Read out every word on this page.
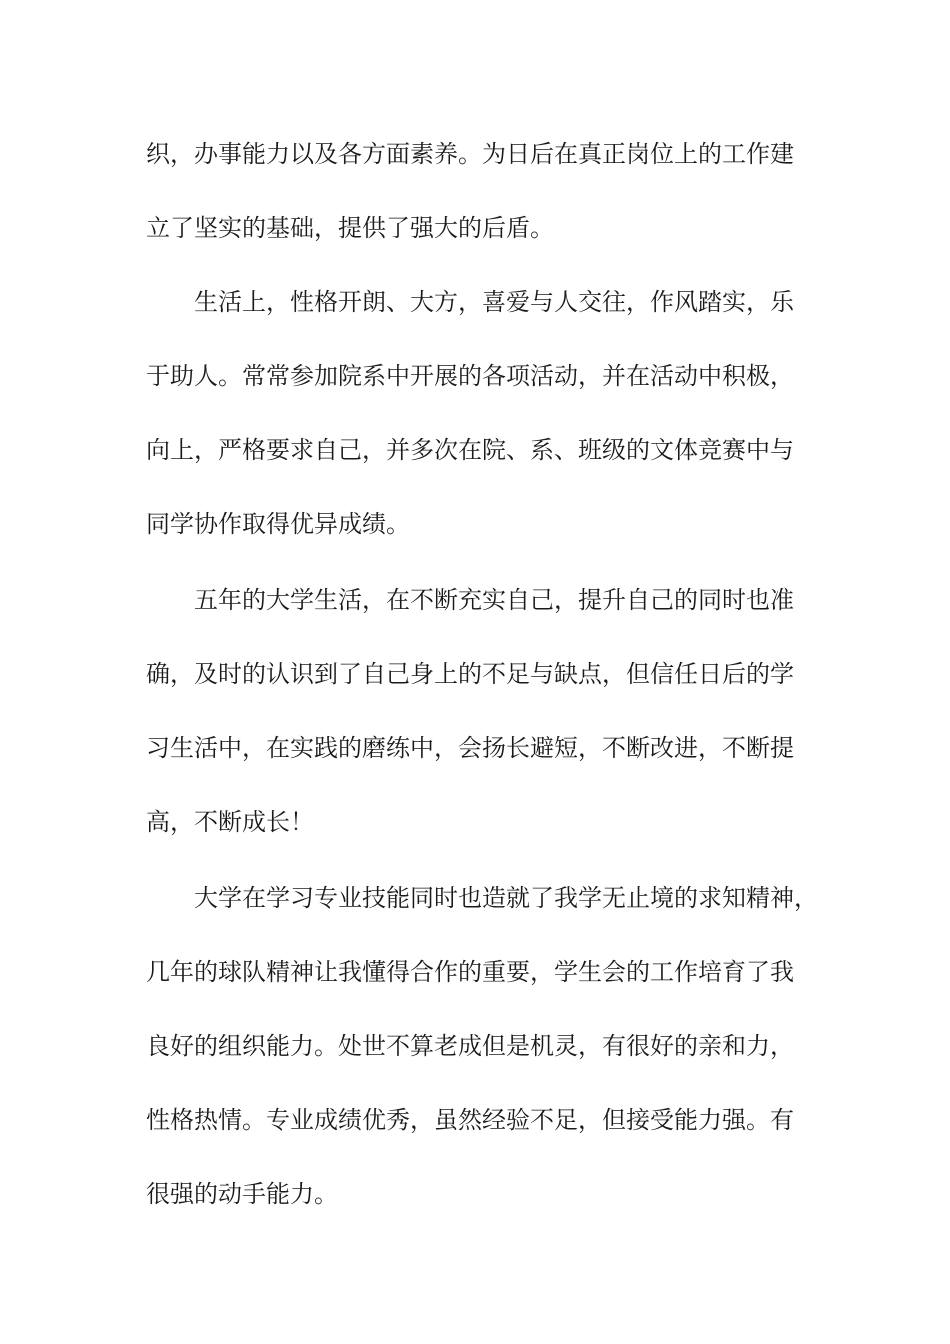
织，办事能力以及各方面素养。为日后在真正岗位上的工作建
立了坚实的基础，提供了强大的后盾。
生活上，性格开朗、大方，喜爱与人交往，作风踏实，乐
于助人。常常参加院系中开展的各项活动，并在活动中积极，
向上，严格要求自己，并多次在院、系、班级的文体竞赛中与
同学协作取得优异成绩。
五年的大学生活，在不断充实自己，提升自己的同时也准
确，及时的认识到了自己身上的不足与缺点，但信任日后的学
习生活中，在实践的磨练中，会扬长避短，不断改进，不断提
高，不断成长！
大学在学习专业技能同时也造就了我学无止境的求知精神，
几年的球队精神让我懂得合作的重要，学生会的工作培育了我
良好的组织能力。处世不算老成但是机灵，有很好的亲和力，
性格热情。专业成绩优秀，虽然经验不足，但接受能力强。有
很强的动手能力。
